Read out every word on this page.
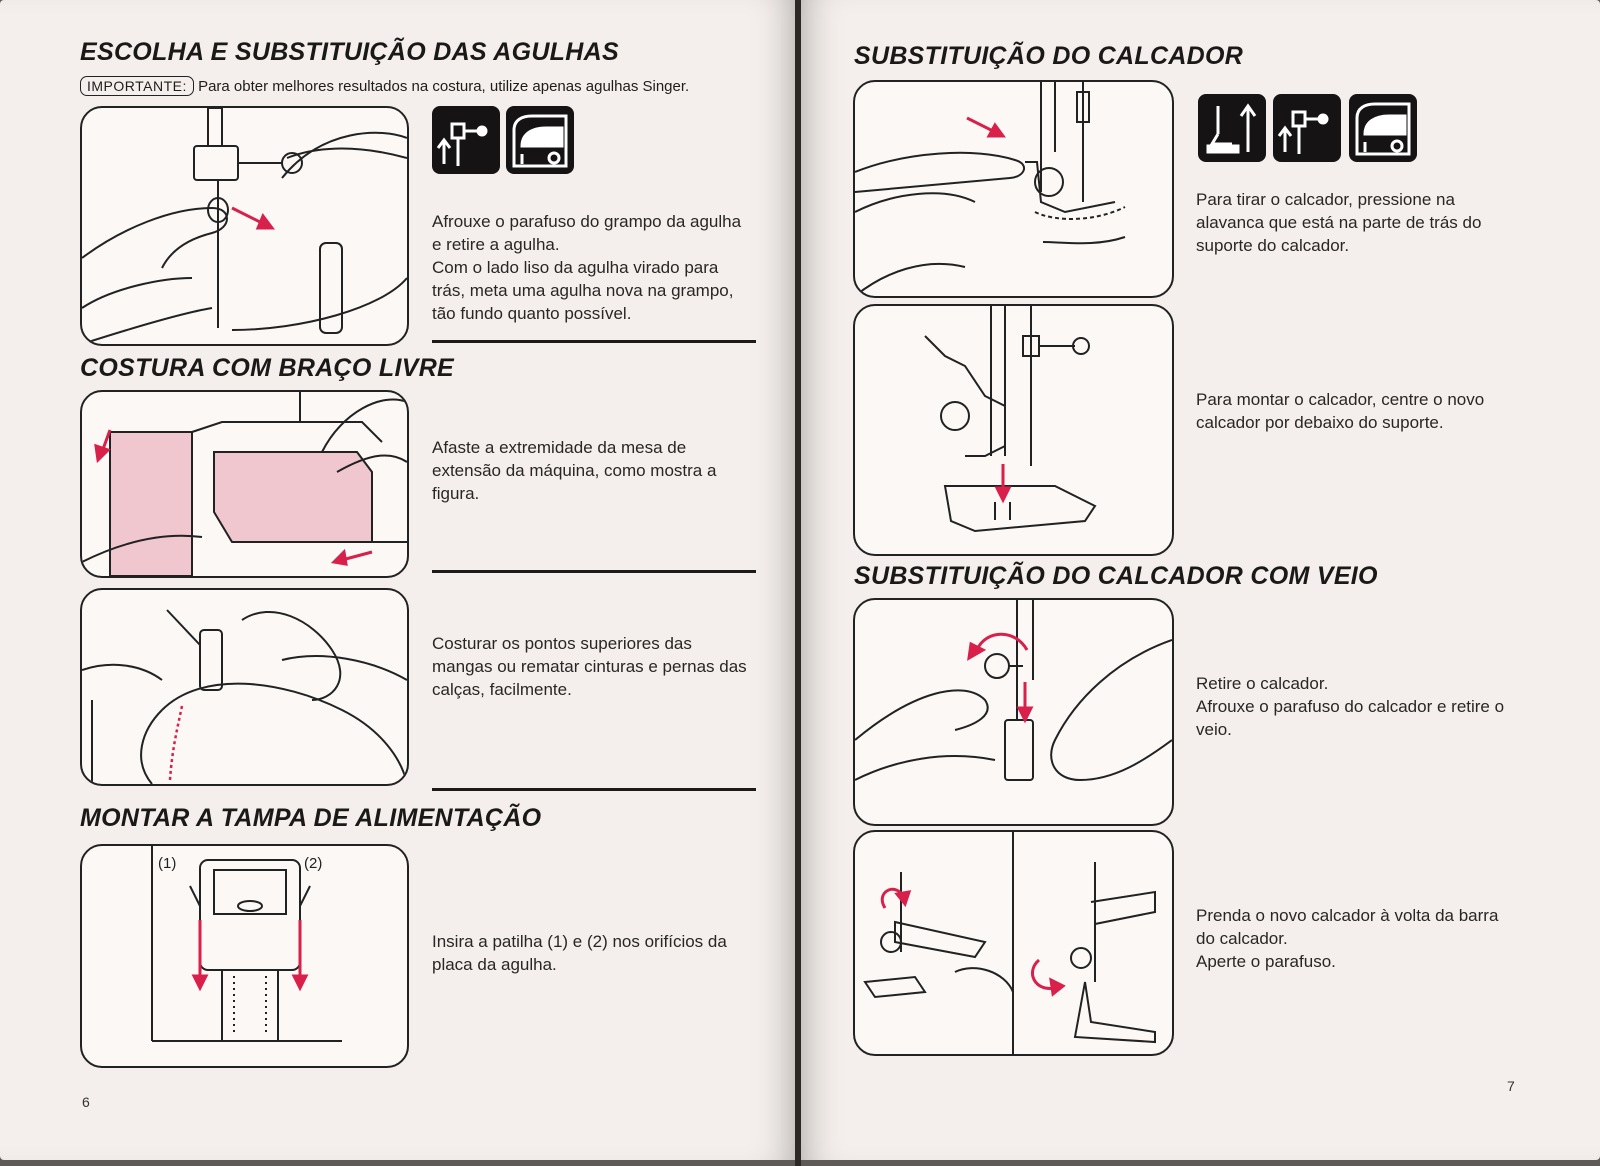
ESCOLHA E SUBSTITUIÇÃO DAS AGULHAS
IMPORTANTE: Para obter melhores resultados na costura, utilize apenas agulhas Singer.
Afrouxe o parafuso do grampo da agulha e retire a agulha.
Com o lado liso da agulha virado para trás, meta uma agulha nova na grampo, tão fundo quanto possível.
COSTURA COM BRAÇO LIVRE
Afaste a extremidade da mesa de extensão da máquina, como mostra a figura.
Costurar os pontos superiores das mangas ou rematar cinturas e pernas das calças, facilmente.
MONTAR A TAMPA DE ALIMENTAÇÃO
(1)	(2)
Insira a patilha (1) e (2) nos orifícios da placa da agulha.
6
SUBSTITUIÇÃO DO CALCADOR
Para tirar o calcador, pressione na alavanca que está na parte de trás do suporte do calcador.
Para montar o calcador, centre o novo calcador por debaixo do suporte.
SUBSTITUIÇÃO DO CALCADOR COM VEIO
Retire o calcador.
Afrouxe o parafuso do calcador e retire o veio.
Prenda o novo calcador à volta da barra do calcador.
Aperte o parafuso.
7
